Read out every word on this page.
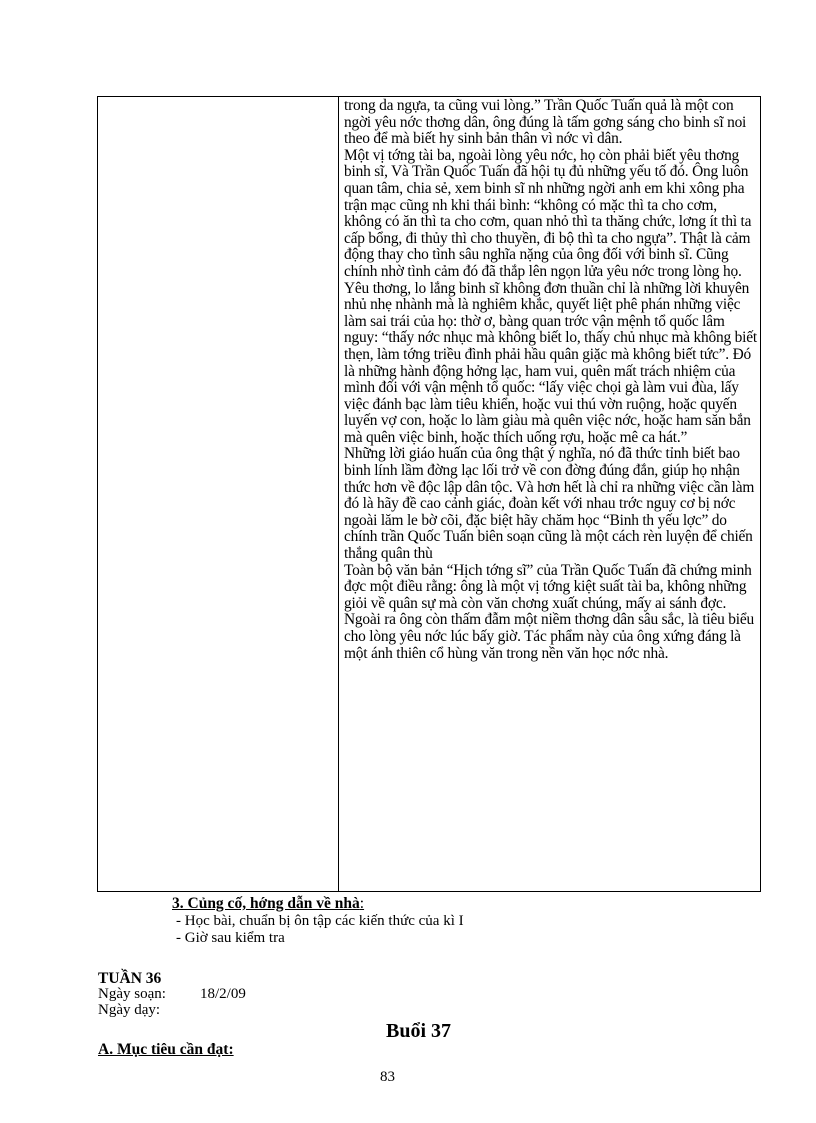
trong da ngựa, ta cũng vui lòng.” Trần Quốc Tuấn quả là một con ngời yêu nớc thơng dân, ông đúng là tấm gơng sáng cho binh sĩ noi theo để mà biết hy sinh bản thân vì nớc vì dân.

Một vị tớng tài ba, ngoài lòng yêu nớc, họ còn phải biết yêu thơng binh sĩ, Và Trần Quốc Tuấn đã hội tụ đủ những yếu tố đó. Ông luôn quan tâm, chia sẻ, xem binh sĩ nh những ngời anh em khi xông pha trận mạc cũng nh khi thái bình: “không có mặc thì ta cho cơm, không có ăn thì ta cho cơm, quan nhỏ thì ta thăng chức, lơng ít thì ta cấp bổng, đi thủy thì cho thuyền, đi bộ thì ta cho ngựa”. Thật là cảm động thay cho tình sâu nghĩa nặng của ông đối với binh sĩ. Cũng chính nhờ tình cảm đó đã thắp lên ngọn lửa yêu nớc trong lòng họ.

Yêu thơng, lo lắng binh sĩ không đơn thuần chỉ là những lời khuyên nhủ nhẹ nhành mà là nghiêm khắc, quyết liệt phê phán những việc làm sai trái của họ: thờ ơ, bàng quan trớc vận mệnh tổ quốc lâm nguy: “thấy nớc nhục mà không biết lo, thấy chủ nhục mà không biết thẹn, làm tớng triều đình phải hầu quân giặc mà không biết tức”. Đó là những hành động hởng lạc, ham vui, quên mất trách nhiệm của mình đối với vận mệnh tổ quốc: “lấy việc chọi gà làm vui đùa, lấy việc đánh bạc làm tiêu khiển, hoặc vui thú vờn ruộng, hoặc quyến luyến vợ con, hoặc lo làm giàu mà quên việc nớc, hoặc ham săn bắn mà quên việc binh, hoặc thích uống rợu, hoặc mê ca hát.”

Những lời giáo huấn của ông thật ý nghĩa, nó đã thức tỉnh biết bao binh lính lầm đờng lạc lối trở về con đờng đúng đắn, giúp họ nhận thức hơn về độc lập dân tộc. Và hơn hết là chỉ ra những việc cần làm đó là hãy đề cao cảnh giác, đoàn kết với nhau trớc nguy cơ bị nớc ngoài lăm le bờ cõi, đặc biệt hãy chăm học “Binh th yếu lợc” do chính trần Quốc Tuấn biên soạn cũng là một cách rèn luyện để chiến thắng quân thù

Toàn bộ văn bản “Hịch tớng sĩ” của Trần Quốc Tuấn đã chứng minh đợc một điều rằng: ông là một vị tớng kiệt suất tài ba, không những giỏi về quân sự mà còn văn chơng xuất chúng, mấy ai sánh đợc. Ngoài ra ông còn thấm đẫm một niềm thơng dân sâu sắc, là tiêu biểu cho lòng yêu nớc lúc bấy giờ. Tác phẩm này của ông xứng đáng là một ánh thiên cổ hùng văn trong nền văn học nớc nhà.

3. Củng cố, hớng dẫn về nhà:
- Học bài, chuẩn bị ôn tập các kiến thức của kì I
- Giờ sau kiểm tra
TUẦN 36
Ngày soạn:	18/2/09
Ngày dạy:
Buổi 37
A. Mục tiêu cần đạt:
83
